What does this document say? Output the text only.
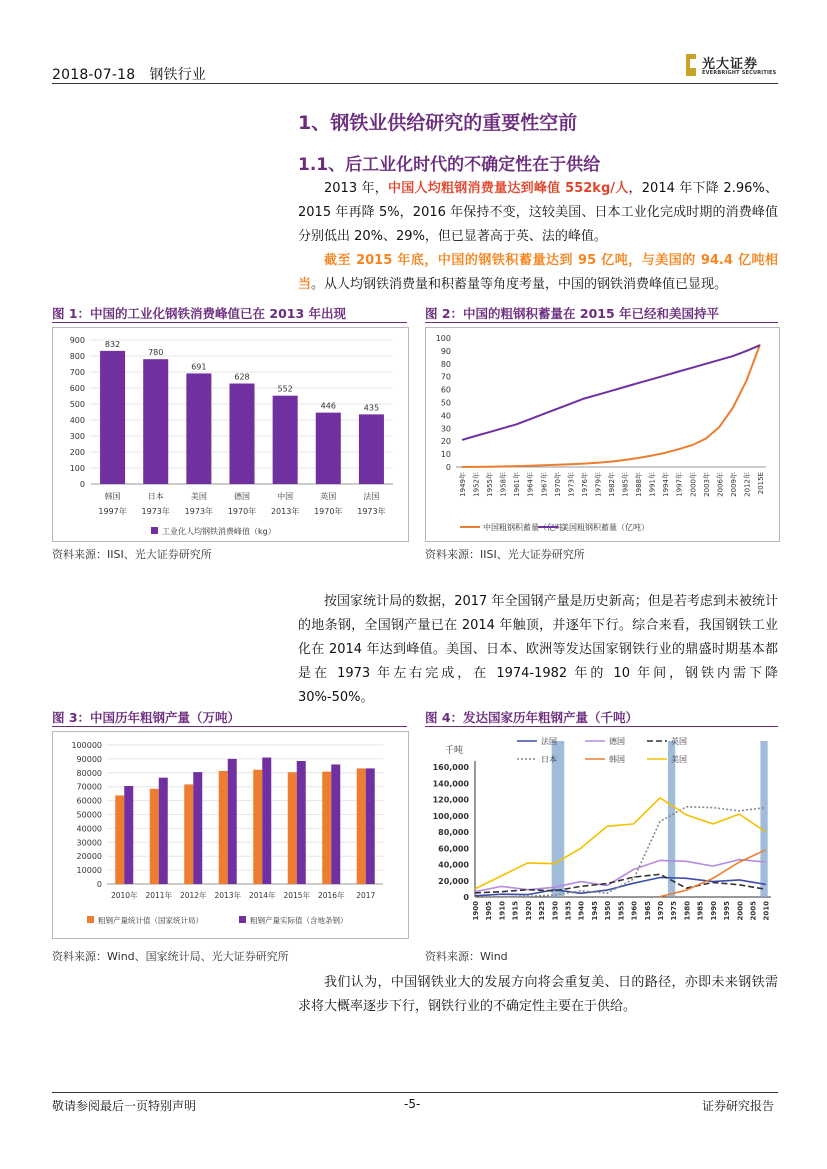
2018-07-18 钢铁行业
光大证券
EVERBRIGHT SECURITIES
1、钢铁业供给研究的重要性空前
1.1、后工业化时代的不确定性在于供给
2013 年，中国人均粗钢消费量达到峰值 552kg/人，2014 年下降 2.96%、2015 年再降 5%，2016 年保持不变，这较美国、日本工业化完成时期的消费峰值分别低出 20%、29%，但已显著高于英、法的峰值。
截至 2015 年底，中国的钢铁积蓄量达到 95 亿吨，与美国的 94.4 亿吨相当。从人均钢铁消费量和积蓄量等角度考量，中国的钢铁消费峰值已显现。
图 1：中国的工业化钢铁消费峰值已在 2013 年出现
0
100
200
300
400
500
600
700
800
900 832
韩国
1997年
780
日本
1973年
691
美国
1973年
628
德国
1970年
552
中国
2013年
446
英国
1970年
435
法国
1973年
工业化人均钢铁消费峰值（kg）
资料来源：IISI、光大证券研究所
图 2：中国的粗钢积蓄量在 2015 年已经和美国持平
0
10
20
30
40
50
60
70
80
90
100
1949年 1952年 1955年 1958年 1961年 1964年 1967年 1970年 1973年 1976年 1979年 1982年 1985年 1988年 1991年 1994年 1997年 2000年 2003年 2006年 2009年 2012年 2015E
中国粗钢积蓄量（亿吨）
美国粗钢积蓄量（亿吨）
资料来源：IISI、光大证券研究所
按国家统计局的数据，2017 年全国钢产量是历史新高；但是若考虑到未被统计的地条钢，全国钢产量已在 2014 年触顶，并逐年下行。综合来看，我国钢铁工业化在 2014 年达到峰值。美国、日本、欧洲等发达国家钢铁行业的鼎盛时期基本都是在 1973 年左右完成，在 1974-1982 年的 10 年间，钢铁内需下降 30%-50%。
图 3：中国历年粗钢产量（万吨）
0
10000
20000
30000
40000
50000
60000
70000
80000
90000
100000
2010年 2011年 2012年 2013年 2014年 2015年 2016年 2017
粗钢产量统计值（国家统计局）	粗钢产量实际值（含地条钢）
资料来源：Wind、国家统计局、光大证券研究所
图 4：发达国家历年粗钢产量（千吨）
千吨
0
20,000
40,000
60,000
80,000
100,000
120,000
140,000
160,000
1900 1905 1910 1915 1920 1925 1930 1935 1940 1945 1950 1955 1960 1965 1970 1975 1980 1985 1990 1995 2000 2005 2010
法国	德国	英国
日本	韩国	美国
资料来源：Wind
我们认为，中国钢铁业大的发展方向将会重复美、日的路径，亦即未来钢铁需求将大概率逐步下行，钢铁行业的不确定性主要在于供给。
敬请参阅最后一页特别声明	-5-	证券研究报告
